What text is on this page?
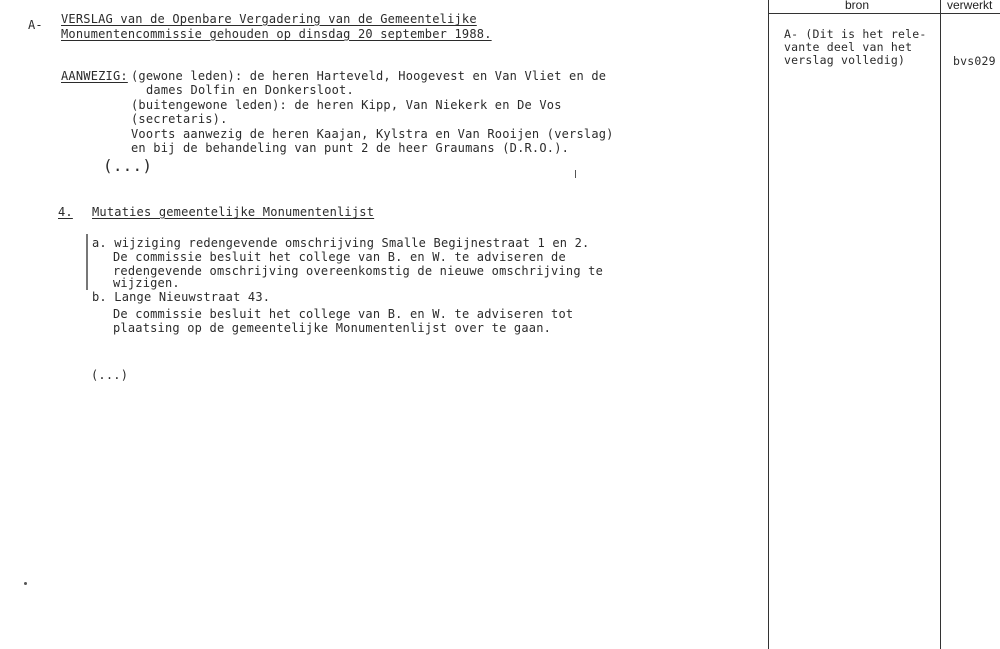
bron	verwerkt
A- VERSLAG van de Openbare Vergadering van de Gemeentelijke
Monumentencommissie gehouden op dinsdag 20 september 1988.
AANWEZIG: (gewone leden): de heren Harteveld, Hoogevest en Van Vliet en de
dames Dolfin en Donkersloot.
(buitengewone leden): de heren Kipp, Van Niekerk en De Vos
(secretaris).
Voorts aanwezig de heren Kaajan, Kylstra en Van Rooijen (verslag)
en bij de behandeling van punt 2 de heer Graumans (D.R.O.).
(...)
4. Mutaties gemeentelijke Monumentenlijst
a. wijziging redengevende omschrijving Smalle Begijnestraat 1 en 2.
De commissie besluit het college van B. en W. te adviseren de
redengevende omschrijving overeenkomstig de nieuwe omschrijving te
wijzigen.
b. Lange Nieuwstraat 43.
De commissie besluit het college van B. en W. te adviseren tot
plaatsing op de gemeentelijke Monumentenlijst over te gaan.
(...)
A- (Dit is het rele-
vante deel van het
verslag volledig)	bvs029
